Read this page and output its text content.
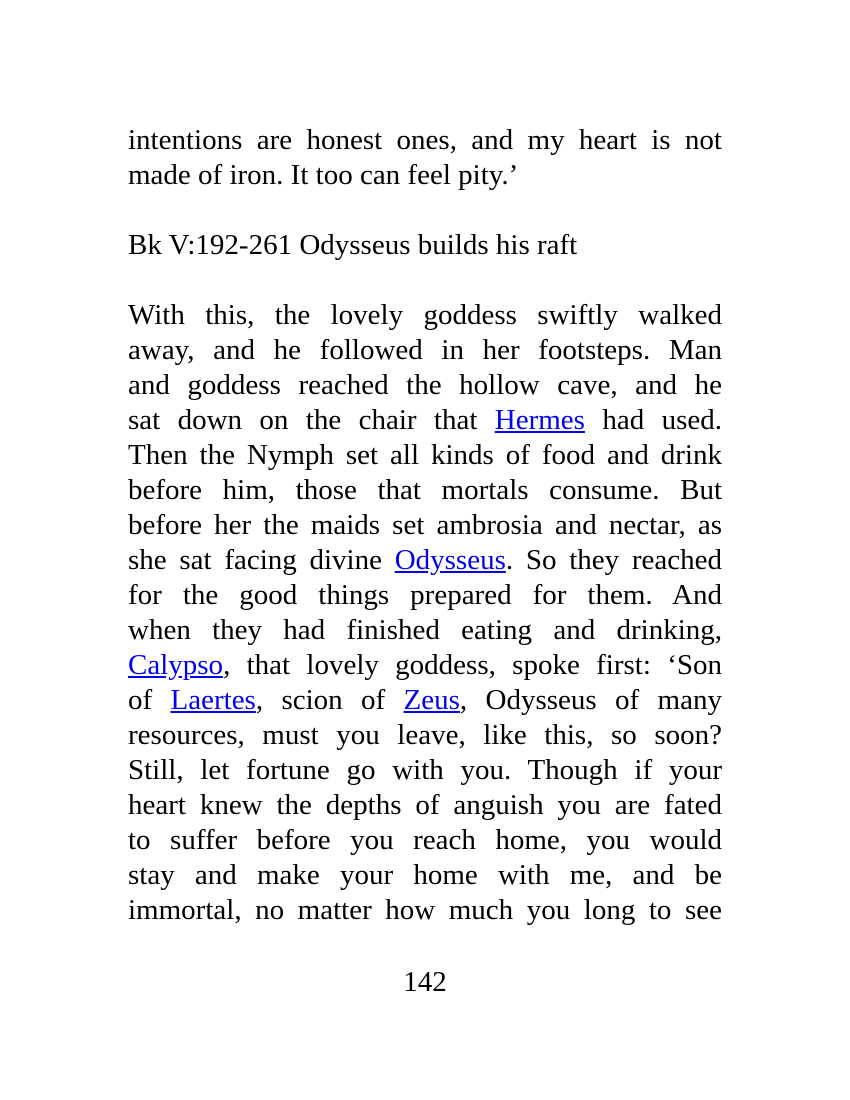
intentions are honest ones, and my heart is not
made of iron. It too can feel pity.’
Bk V:192-261 Odysseus builds his raft
With this, the lovely goddess swiftly walked
away, and he followed in her footsteps. Man
and goddess reached the hollow cave, and he
sat down on the chair that Hermes had used.
Then the Nymph set all kinds of food and drink
before him, those that mortals consume. But
before her the maids set ambrosia and nectar, as
she sat facing divine Odysseus. So they reached
for the good things prepared for them. And
when they had finished eating and drinking,
Calypso, that lovely goddess, spoke first: ‘Son
of Laertes, scion of Zeus, Odysseus of many
resources, must you leave, like this, so soon?
Still, let fortune go with you. Though if your
heart knew the depths of anguish you are fated
to suffer before you reach home, you would
stay and make your home with me, and be
immortal, no matter how much you long to see
142
